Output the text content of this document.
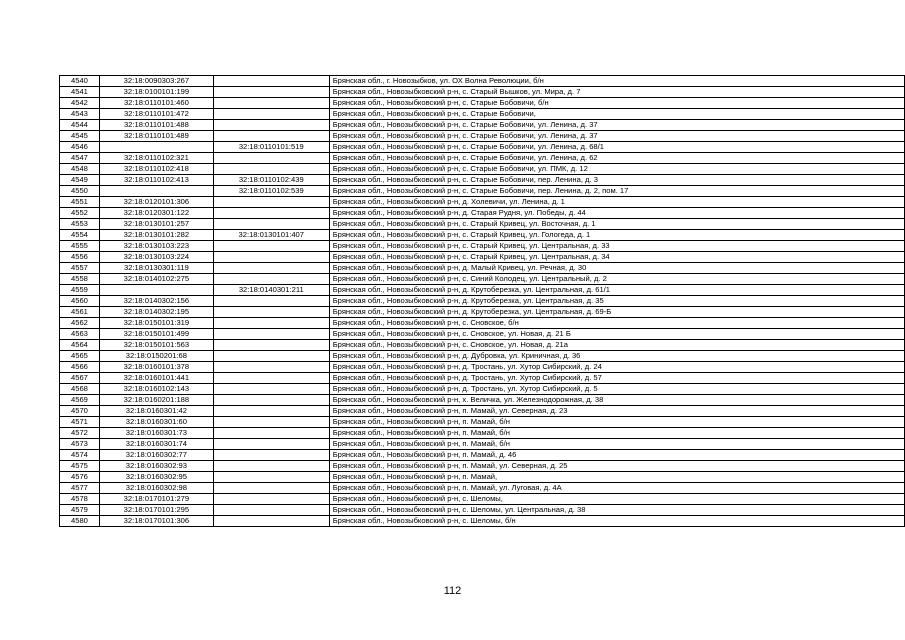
4540	32:18:0090303:267		Брянская обл., г. Новозыбков, ул. ОХ Волна Революции, б/н
4541	32:18:0100101:199		Брянская обл., Новозыбковский р-н, с. Старый Вышков, ул. Мира, д. 7
4542	32:18:0110101:460		Брянская обл., Новозыбковский р-н, с. Старые Бобовичи, б/н
4543	32:18:0110101:472		Брянская обл., Новозыбковский р-н, с. Старые Бобовичи,
4544	32:18:0110101:488		Брянская обл., Новозыбковский р-н, с. Старые Бобовичи, ул. Ленина, д. 37
4545	32:18:0110101:489		Брянская обл., Новозыбковский р-н, с. Старые Бобовичи, ул. Ленина, д. 37
4546		32:18:0110101:519	Брянская обл., Новозыбковский р-н, с. Старые Бобовичи, ул. Ленина, д. 68/1
4547	32:18:0110102:321		Брянская обл., Новозыбковский р-н, с. Старые Бобовичи, ул. Ленина, д. 62
4548	32:18:0110102:418		Брянская обл., Новозыбковский р-н, с. Старые Бобовичи, ул. ПМК, д. 12
4549	32:18:0110102:413	32:18:0110102:439	Брянская обл., Новозыбковский р-н, с. Старые Бобовичи, пер. Ленина, д. 3
4550		32:18:0110102:539	Брянская обл., Новозыбковский р-н, с. Старые Бобовичи, пер. Ленина, д. 2, пом. 17
4551	32:18:0120101:306		Брянская обл., Новозыбковский р-н, д. Холевичи, ул. Ленина, д. 1
4552	32:18:0120301:122		Брянская обл., Новозыбковский р-н, д. Старая Рудня, ул. Победы, д. 44
4553	32:18:0130101:257		Брянская обл., Новозыбковский р-н, с. Старый Кривец, ул. Восточная, д. 1
4554	32:18:0130101:282	32:18:0130101:407	Брянская обл., Новозыбковский р-н, с. Старый Кривец, ул. Гологеда, д. 1
4555	32:18:0130103:223		Брянская обл., Новозыбковский р-н, с. Старый Кривец, ул. Центральная, д. 33
4556	32:18:0130103:224		Брянская обл., Новозыбковский р-н, с. Старый Кривец, ул. Центральная, д. 34
4557	32:18:0130301:119		Брянская обл., Новозыбковский р-н, д. Малый Кривец, ул. Речная, д. 30
4558	32:18:0140102:275		Брянская обл., Новозыбковский р-н, с. Синий Колодец, ул. Центральный, д. 2
4559		32:18:0140301:211	Брянская обл., Новозыбковский р-н, д. Крутоберезка, ул. Центральная, д. 61/1
4560	32:18:0140302:156		Брянская обл., Новозыбковский р-н, д. Крутоберезка, ул. Центральная, д. 35
4561	32:18:0140302:195		Брянская обл., Новозыбковский р-н, д. Крутоберезка, ул. Центральная, д. 69-Б
4562	32:18:0150101:319		Брянская обл., Новозыбковский р-н, с. Сновское, б/н
4563	32:18:0150101:499		Брянская обл., Новозыбковский р-н, с. Сновское, ул. Новая, д. 21 Б
4564	32:18:0150101:563		Брянская обл., Новозыбковский р-н, с. Сновское, ул. Новая, д. 21а
4565	32:18:0150201:68		Брянская обл., Новозыбковский р-н, д. Дубровка, ул. Криничная, д. 36
4566	32:18:0160101:378		Брянская обл., Новозыбковский р-н, д. Тростань, ул. Хутор Сибирский, д. 24
4567	32:18:0160101:441		Брянская обл., Новозыбковский р-н, д. Тростань, ул. Хутор Сибирский, д. 57
4568	32:18:0160102:143		Брянская обл., Новозыбковский р-н, д. Тростань, ул. Хутор Сибирский, д. 5
4569	32:18:0160201:188		Брянская обл., Новозыбковский р-н, х. Величка, ул. Железнодорожная, д. 38
4570	32:18:0160301:42		Брянская обл., Новозыбковский р-н, п. Мамай, ул. Северная, д. 23
4571	32:18:0160301:60		Брянская обл., Новозыбковский р-н, п. Мамай, б/н
4572	32:18:0160301:73		Брянская обл., Новозыбковский р-н, п. Мамай, б/н
4573	32:18:0160301:74		Брянская обл., Новозыбковский р-н, п. Мамай, б/н
4574	32:18:0160302:77		Брянская обл., Новозыбковский р-н, п. Мамай, д. 46
4575	32:18:0160302:93		Брянская обл., Новозыбковский р-н, п. Мамай, ул. Северная, д. 25
4576	32:18:0160302:95		Брянская обл., Новозыбковский р-н, п. Мамай,
4577	32:18:0160302:98		Брянская обл., Новозыбковский р-н, п. Мамай, ул. Луговая, д. 4А
4578	32:18:0170101:279		Брянская обл., Новозыбковский р-н, с. Шеломы,
4579	32:18:0170101:295		Брянская обл., Новозыбковский р-н, с. Шеломы, ул. Центральная, д. 38
4580	32:18:0170101:306		Брянская обл., Новозыбковский р-н, с. Шеломы, б/н
112
